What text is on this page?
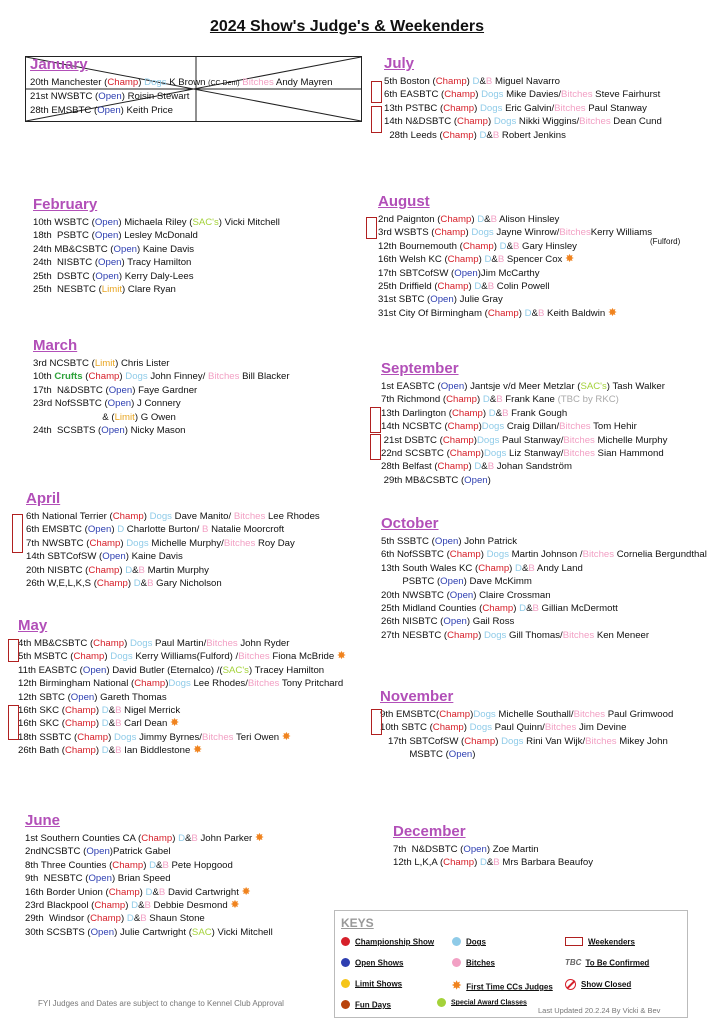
2024 Show's Judge's & Weekenders
January
20th Manchester (Champ) Dogs K Brown (CC Dem) Bitches Andy Mayren
21st NWSBTC (Open) Roisin Stewart
28th EMSBTC (Open) Keith Price
February
10th WSBTC (Open) Michaela Riley (SAC's) Vicki Mitchell
18th  PSBTC (Open) Lesley McDonald
24th MB&CSBTC (Open) Kaine Davis
24th  NISBTC (Open) Tracy Hamilton
25th  DSBTC (Open) Kerry Daly-Lees
25th  NESBTC (Limit) Clare Ryan
March
3rd NCSBTC (Limit) Chris Lister
10th Crufts (Champ) Dogs John Finney/ Bitches Bill Blacker
17th  N&DSBTC (Open) Faye Gardner
23rd NofSSBTC (Open) J Connery
& (Limit) G Owen
24th  SCSBTS (Open) Nicky Mason
April
6th National Terrier (Champ) Dogs Dave Manito/ Bitches Lee Rhodes
6th EMSBTC (Open) D Charlotte Burton/ B Natalie Moorcroft
7th NWSBTC (Champ) Dogs Michelle Murphy/Bitches Roy Day
14th SBTCofSW (Open) Kaine Davis
20th NISBTC (Champ) D&B Martin Murphy
26th W,E,L,K,S (Champ) D&B Gary Nicholson
May
4th MB&CSBTC (Champ) Dogs Paul Martin/Bitches John Ryder
5th MSBTC (Champ) Dogs Kerry Williams(Fulford) /Bitches Fiona McBride ✸
11th EASBTC (Open) David Butler (Eternalco) /(SAC's) Tracey Hamilton
12th Birmingham National (Champ)Dogs Lee Rhodes/Bitches Tony Pritchard
12th SBTC (Open) Gareth Thomas
16th SKC (Champ) D&B Nigel Merrick
16th SKC (Champ) D&B Carl Dean ✸
18th SSBTC (Champ) Dogs Jimmy Byrnes/Bitches Teri Owen ✸
26th Bath (Champ) D&B Ian Biddlestone ✸
June
1st Southern Counties CA (Champ) D&B John Parker ✸
2ndNCSBTC (Open)Patrick Gabel
8th Three Counties (Champ) D&B Pete Hopgood
9th  NESBTC (Open) Brian Speed
16th Border Union (Champ) D&B David Cartwright ✸
23rd Blackpool (Champ) D&B Debbie Desmond ✸
29th  Windsor (Champ) D&B Shaun Stone
30th SCSBTS (Open) Julie Cartwright (SAC) Vicki Mitchell
July
5th Boston (Champ) D&B Miguel Navarro
6th EASBTC (Champ) Dogs Mike Davies/Bitches Steve Fairhurst
13th PSTBC (Champ) Dogs Eric Galvin/Bitches Paul Stanway
14th N&DSBTC (Champ) Dogs Nikki Wiggins/Bitches Dean Cund
28th Leeds (Champ) D&B Robert Jenkins
August
2nd Paignton (Champ) D&B Alison Hinsley
3rd WSBTS (Champ) Dogs Jayne Winrow/BitchesKerry Williams
12th Bournemouth (Champ) D&B Gary Hinsley
16th Welsh KC (Champ) D&B Spencer Cox ✸
17th SBTCofSW (Open)Jim McCarthy
25th Driffield (Champ) D&B Colin Powell
31st SBTC (Open) Julie Gray
31st City Of Birmingham (Champ) D&B Keith Baldwin ✸
September
1st EASBTC (Open) Jantsje v/d Meer Metzlar (SAC's) Tash Walker
7th Richmond (Champ) D&B Frank Kane (TBC by RKC)
13th Darlington (Champ) D&B Frank Gough
14th NCSBTC (Champ)Dogs Craig Dillan/Bitches Tom Hehir
21st DSBTC (Champ)Dogs Paul Stanway/Bitches Michelle Murphy
22nd SCSBTC (Champ)Dogs Liz Stanway/Bitches Sian Hammond
28th Belfast (Champ) D&B Johan Sandström
29th MB&CSBTC (Open)
October
5th SSBTC (Open) John Patrick
6th NofSSBTC (Champ) Dogs Martin Johnson /Bitches Cornelia Bergundthal
13th South Wales KC (Champ) D&B Andy Land
PSBTC (Open) Dave McKimm
20th NWSBTC (Open) Claire Crossman
25th Midland Counties (Champ) D&B Gillian McDermott
26th NISBTC (Open) Gail Ross
27th NESBTC (Champ) Dogs Gill Thomas/Bitches Ken Meneer
November
9th EMSBTC(Champ)Dogs Michelle Southall/Bitches Paul Grimwood
10th SBTC (Champ) Dogs Paul Quinn/Bitches Jim Devine
17th SBTCofSW (Champ) Dogs Rini Van Wijk/Bitches Mikey John
MSBTC (Open)
December
7th  N&DSBTC (Open) Zoe Martin
12th L,K,A (Champ) D&B Mrs Barbara Beaufoy
(Fulford)
KEYS
Championship Show
Open Shows
Limit Shows
Fun Days
Dogs
Bitches
✸ First Time CCs Judges
Special Award Classes
Weekenders
TBC To Be Confirmed
Show Closed
FYI Judges and Dates are subject to change to Kennel Club Approval
Last Updated 20.2.24 By Vicki & Bev
